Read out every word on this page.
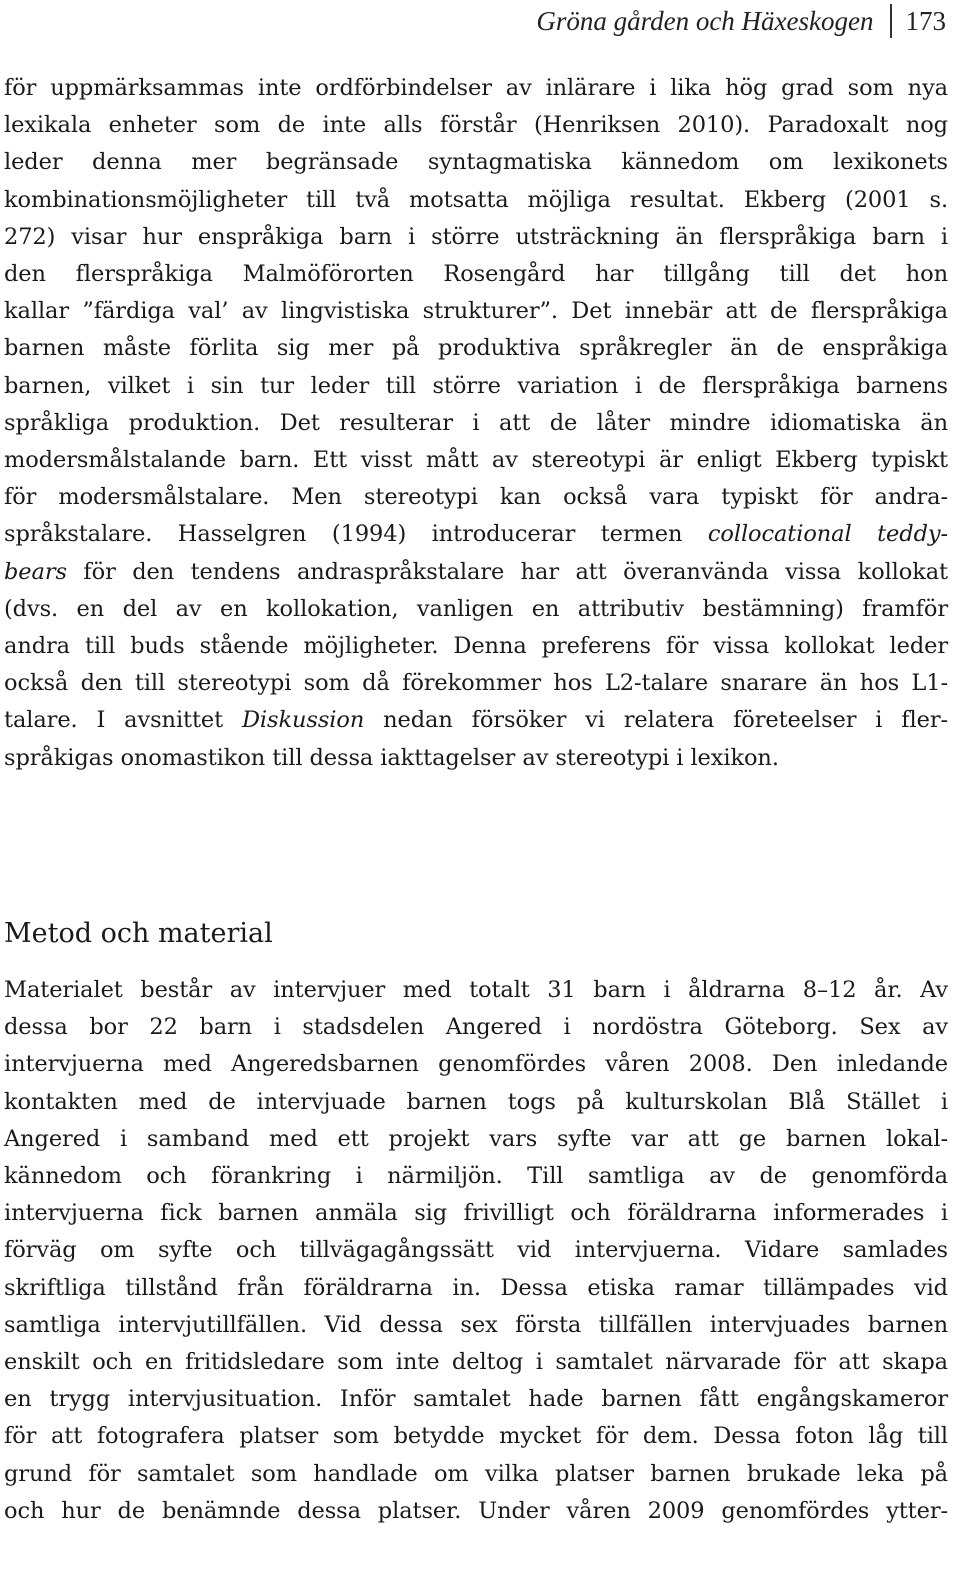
Gröna gården och Häxeskogen 173
för uppmärksammas inte ordförbindelser av inlärare i lika hög grad som nya
lexikala enheter som de inte alls förstår (Henriksen 2010). Paradoxalt nog
leder denna mer begränsade syntagmatiska kännedom om lexikonets
kombinationsmöjligheter till två motsatta möjliga resultat. Ekberg (2001 s.
272) visar hur enspråkiga barn i större utsträckning än flerspråkiga barn i
den flerspråkiga Malmöförorten Rosengård har tillgång till det hon
kallar ”färdiga val’ av lingvistiska strukturer”. Det innebär att de flerspråkiga
barnen måste förlita sig mer på produktiva språkregler än de enspråkiga
barnen, vilket i sin tur leder till större variation i de flerspråkiga barnens
språkliga produktion. Det resulterar i att de låter mindre idiomatiska än
modersmålstalande barn. Ett visst mått av stereotypi är enligt Ekberg typiskt
för modersmålstalare. Men stereotypi kan också vara typiskt för andra-
språkstalare. Hasselgren (1994) introducerar termen collocational teddy-
bears för den tendens andraspråkstalare har att överanvända vissa kollokat
(dvs. en del av en kollokation, vanligen en attributiv bestämning) framför
andra till buds stående möjligheter. Denna preferens för vissa kollokat leder
också den till stereotypi som då förekommer hos L2-talare snarare än hos L1-
talare. I avsnittet Diskussion nedan försöker vi relatera företeelser i fler-
språkigas onomastikon till dessa iakttagelser av stereotypi i lexikon.
Metod och material
Materialet består av intervjuer med totalt 31 barn i åldrarna 8–12 år. Av
dessa bor 22 barn i stadsdelen Angered i nordöstra Göteborg. Sex av
intervjuerna med Angeredsbarnen genomfördes våren 2008. Den inledande
kontakten med de intervjuade barnen togs på kulturskolan Blå Stället i
Angered i samband med ett projekt vars syfte var att ge barnen lokal-
kännedom och förankring i närmiljön. Till samtliga av de genomförda
intervjuerna fick barnen anmäla sig frivilligt och föräldrarna informerades i
förväg om syfte och tillvägagångssätt vid intervjuerna. Vidare samlades
skriftliga tillstånd från föräldrarna in. Dessa etiska ramar tillämpades vid
samtliga intervjutillfällen. Vid dessa sex första tillfällen intervjuades barnen
enskilt och en fritidsledare som inte deltog i samtalet närvarade för att skapa
en trygg intervjusituation. Inför samtalet hade barnen fått engångskameror
för att fotografera platser som betydde mycket för dem. Dessa foton låg till
grund för samtalet som handlade om vilka platser barnen brukade leka på
och hur de benämnde dessa platser. Under våren 2009 genomfördes ytter-
